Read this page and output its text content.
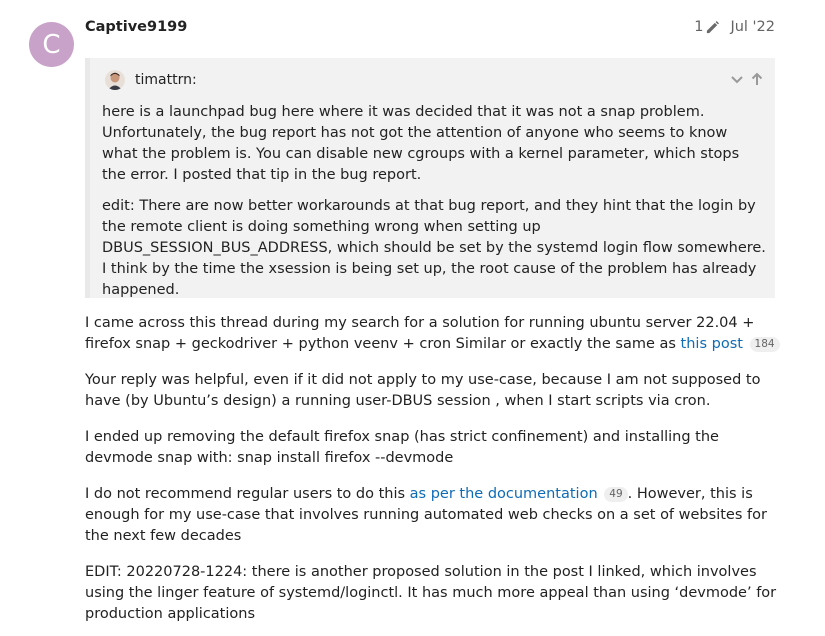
C
Captive9199	1 Jul '22
timattrn:

here is a launchpad bug here where it was decided that it was not a snap problem. Unfortunately, the bug report has not got the attention of anyone who seems to know what the problem is. You can disable new cgroups with a kernel parameter, which stops the error. I posted that tip in the bug report.

edit: There are now better workarounds at that bug report, and they hint that the login by the remote client is doing something wrong when setting up DBUS_SESSION_BUS_ADDRESS, which should be set by the systemd login flow somewhere. I think by the time the xsession is being set up, the root cause of the problem has already happened.

I came across this thread during my search for a solution for running ubuntu server 22.04 + firefox snap + geckodriver + python veenv + cron Similar or exactly the same as this post 184

Your reply was helpful, even if it did not apply to my use-case, because I am not supposed to have (by Ubuntu’s design) a running user-DBUS session , when I start scripts via cron.

I ended up removing the default firefox snap (has strict confinement) and installing the devmode snap with: snap install firefox --devmode

I do not recommend regular users to do this as per the documentation 49 . However, this is enough for my use-case that involves running automated web checks on a set of websites for the next few decades

EDIT: 20220728-1224: there is another proposed solution in the post I linked, which involves using the linger feature of systemd/loginctl. It has much more appeal than using ‘devmode’ for production applications
